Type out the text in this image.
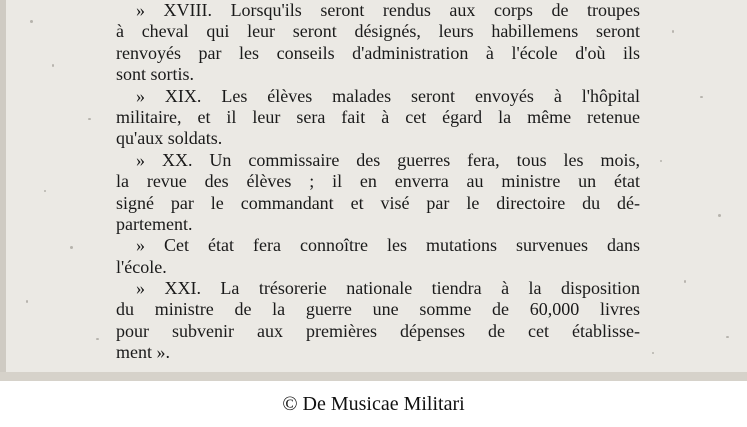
» XVIII. Lorsqu'ils seront rendus aux corps de troupes
à cheval qui leur seront désignés, leurs habillemens seront
renvoyés par les conseils d'administration à l'école d'où ils
sont sortis.
» XIX. Les élèves malades seront envoyés à l'hôpital
militaire, et il leur sera fait à cet égard la même retenue
qu'aux soldats.
» XX. Un commissaire des guerres fera, tous les mois,
la revue des élèves ; il en enverra au ministre un état
signé par le commandant et visé par le directoire du dé-
partement.
» Cet état fera connoître les mutations survenues dans
l'école.
» XXI. La trésorerie nationale tiendra à la disposition
du ministre de la guerre une somme de 60,000 livres
pour subvenir aux premières dépenses de cet établisse-
ment ».
© De Musicae Militari
